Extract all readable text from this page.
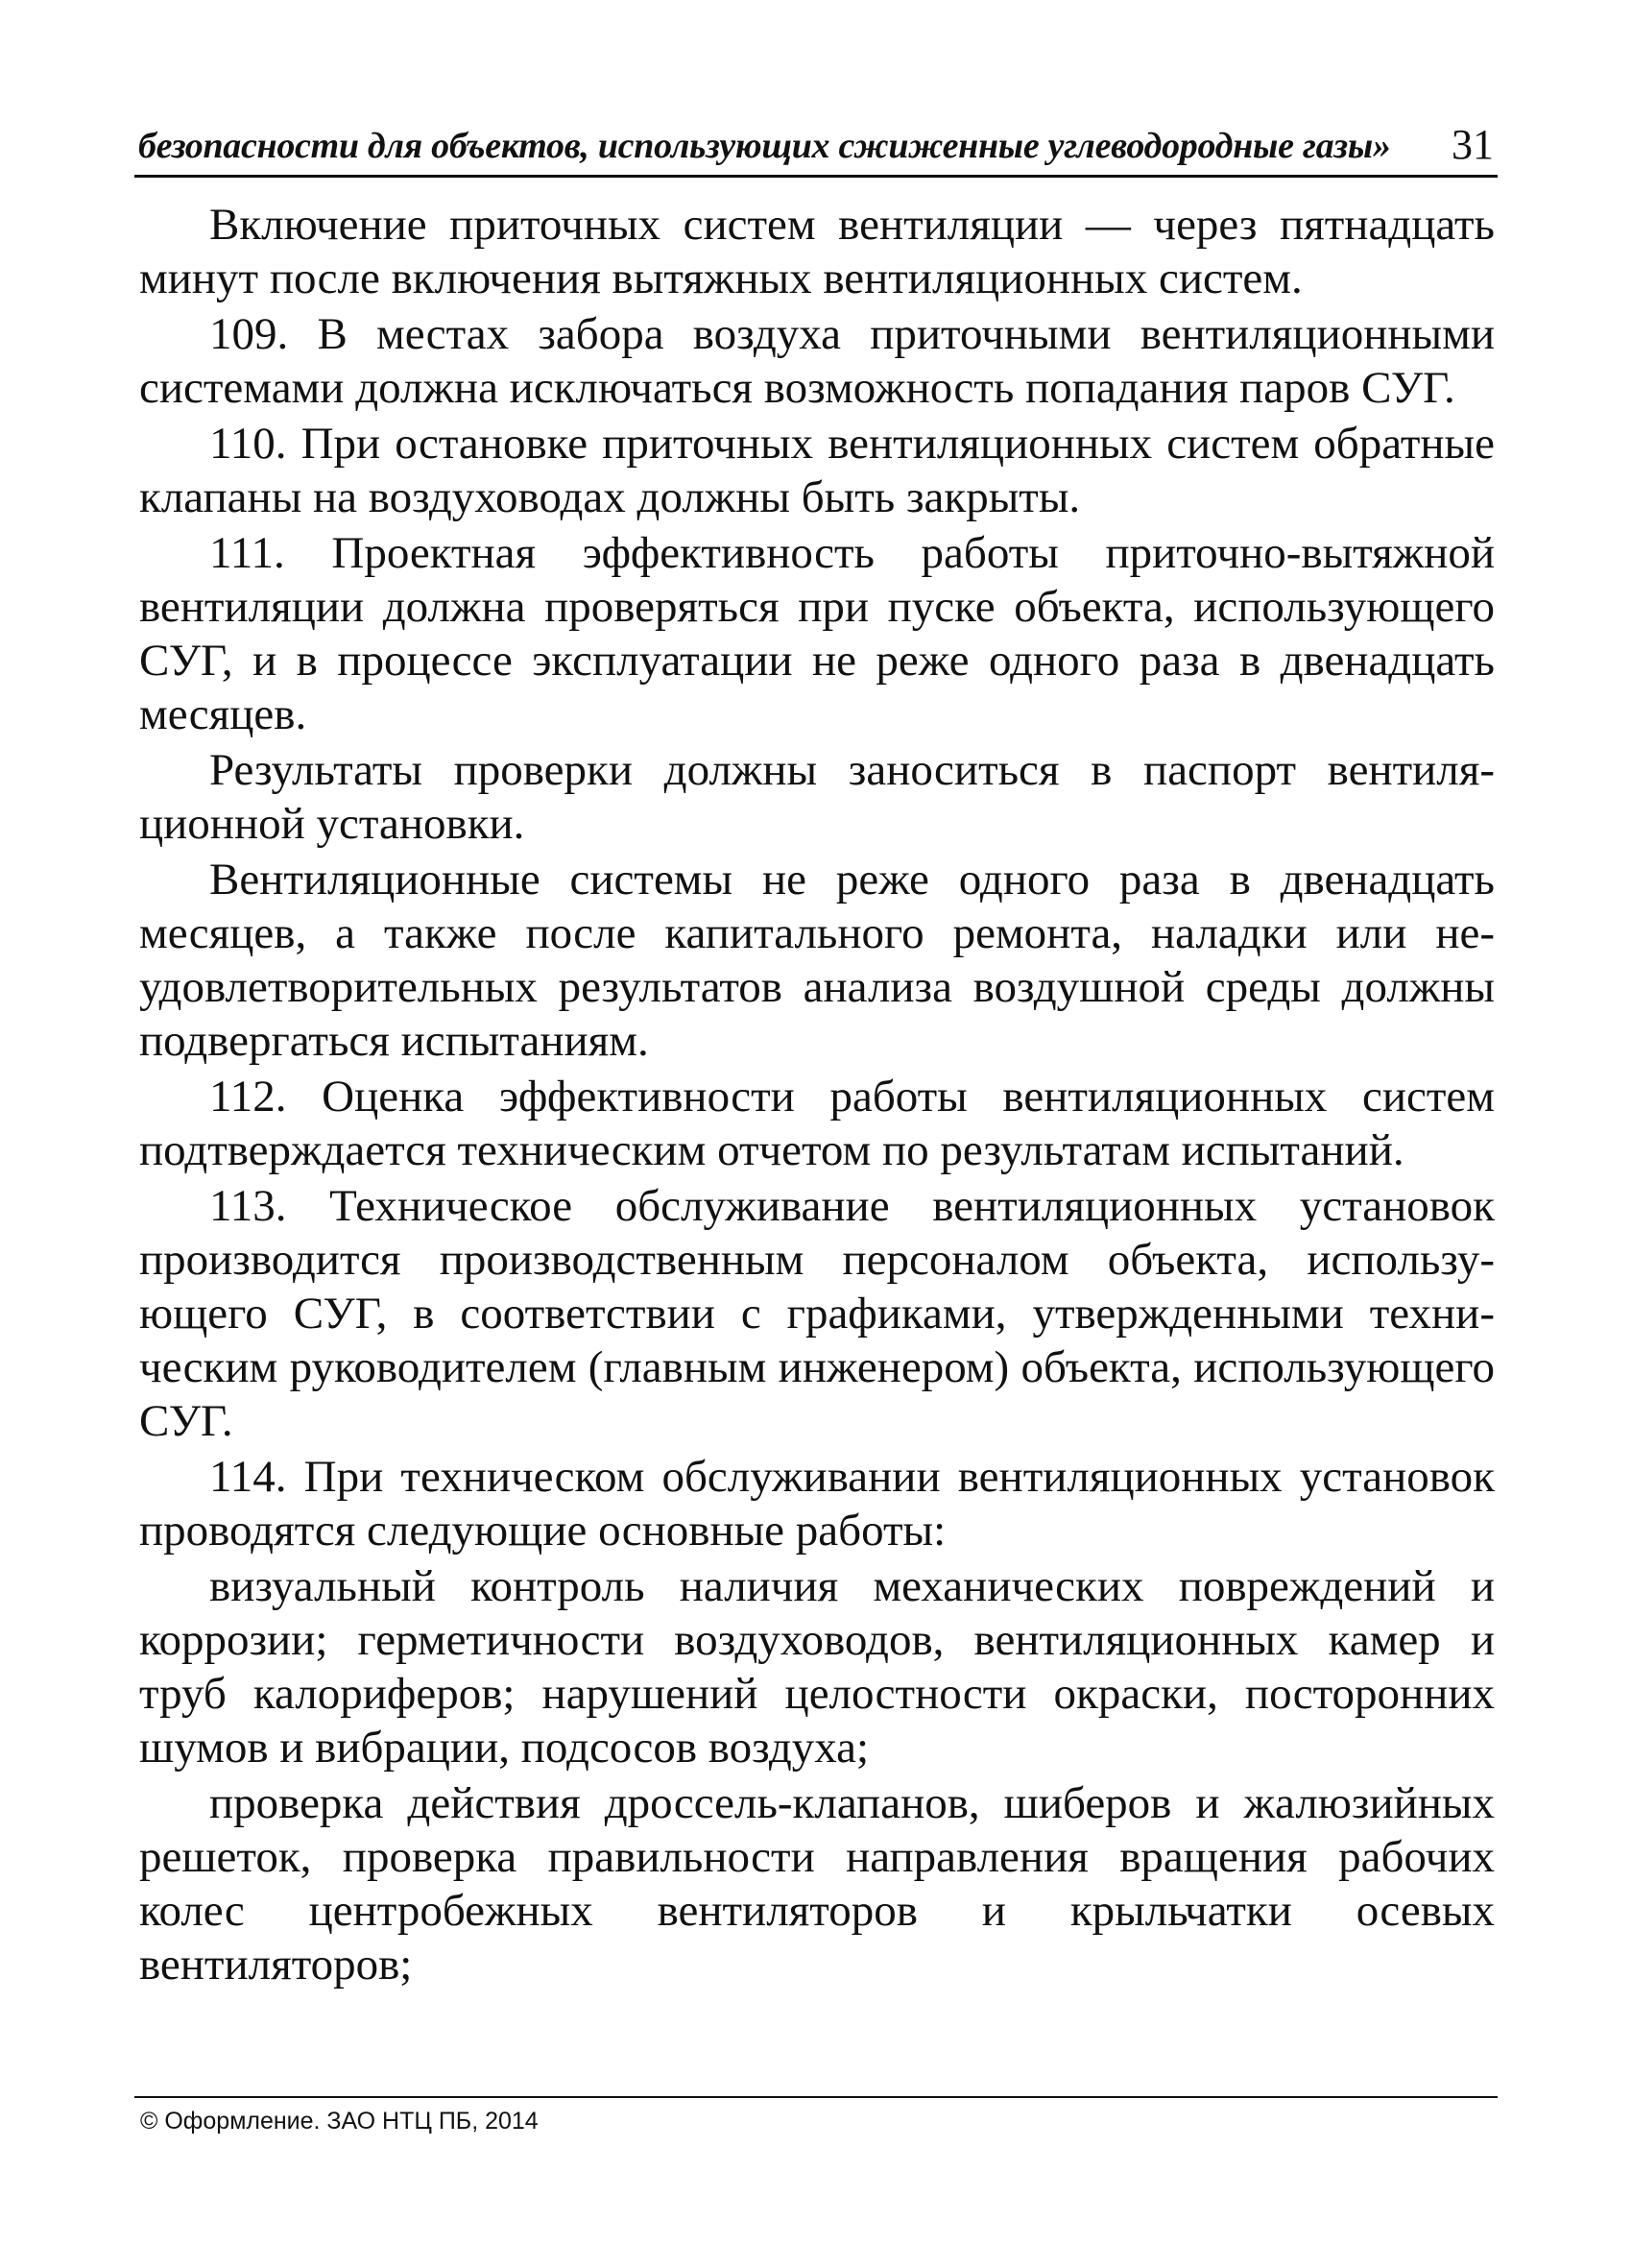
безопасности для объектов, использующих сжиженные углеводородные газы» 31

Включение приточных систем вентиляции — через пятнадцать минут после включения вытяжных вентиляционных систем.

109. В местах забора воздуха приточными вентиляционными системами должна исключаться возможность попадания паров СУГ.

110. При остановке приточных вентиляционных систем обратные клапаны на воздуховодах должны быть закрыты.

111. Проектная эффективность работы приточно-вытяжной вентиляции должна проверяться при пуске объекта, использующего СУГ, и в процессе эксплуатации не реже одного раза в двенадцать месяцев.

Результаты проверки должны заноситься в паспорт вентиляционной установки.

Вентиляционные системы не реже одного раза в двенадцать месяцев, а также после капитального ремонта, наладки или неудовлетворительных результатов анализа воздушной среды должны подвергаться испытаниям.

112. Оценка эффективности работы вентиляционных систем подтверждается техническим отчетом по результатам испытаний.

113. Техническое обслуживание вентиляционных установок производится производственным персоналом объекта, использующего СУГ, в соответствии с графиками, утвержденными техническим руководителем (главным инженером) объекта, использующего СУГ.

114. При техническом обслуживании вентиляционных установок проводятся следующие основные работы:

визуальный контроль наличия механических повреждений и коррозии; герметичности воздуховодов, вентиляционных камер и труб калориферов; нарушений целостности окраски, посторонних шумов и вибрации, подсосов воздуха;

проверка действия дроссель-клапанов, шиберов и жалюзийных решеток, проверка правильности направления вращения рабочих колес центробежных вентиляторов и крыльчатки осевых вентиляторов;

© Оформление. ЗАО НТЦ ПБ, 2014
